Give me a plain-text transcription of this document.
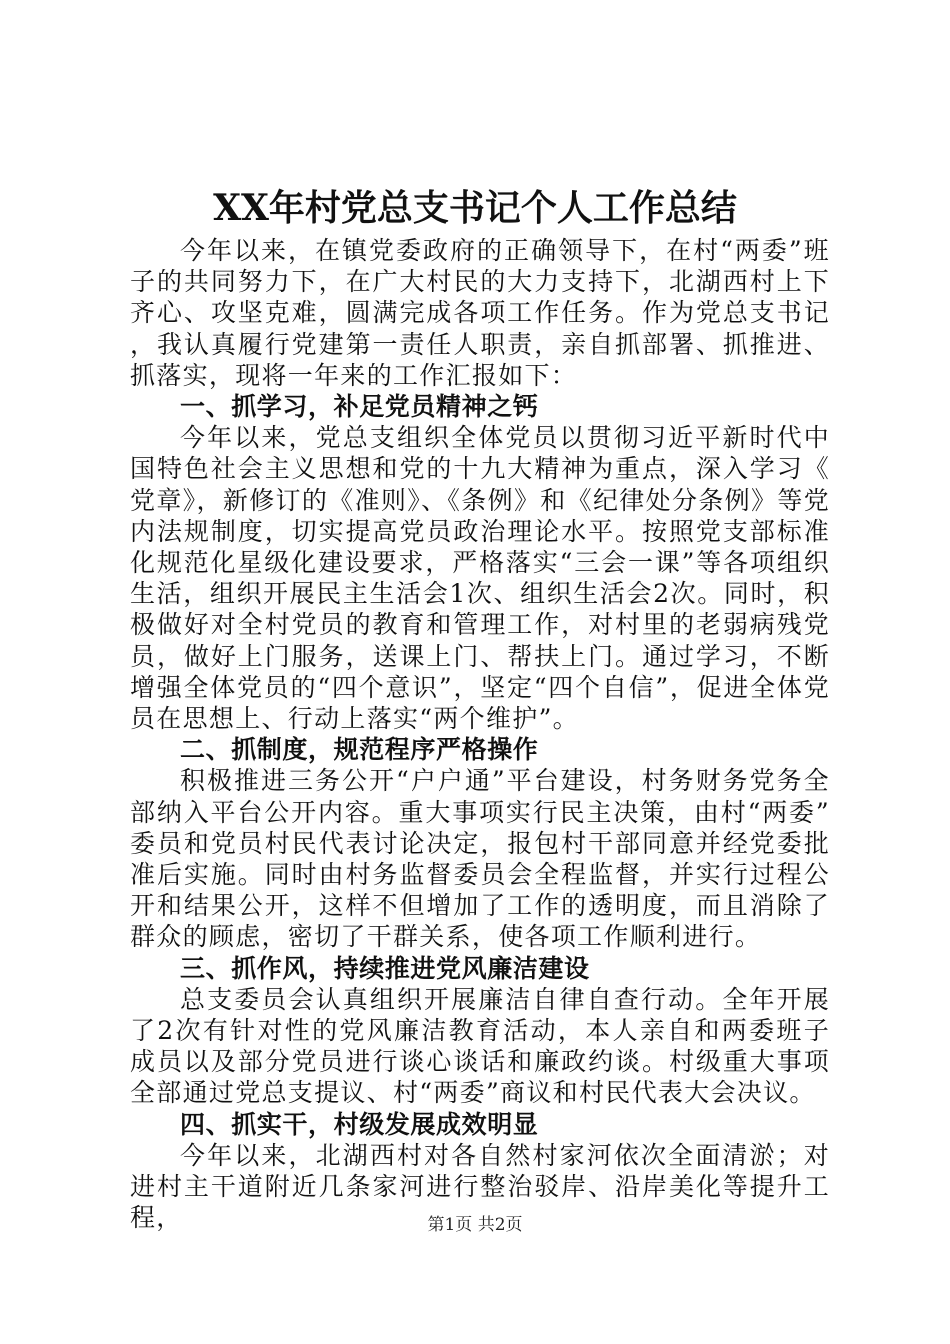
XX年村党总支书记个人工作总结

今年以来，在镇党委政府的正确领导下，在村“两委”班子的共同努力下，在广大村民的大力支持下，北湖西村上下齐心、攻坚克难，圆满完成各项工作任务。作为党总支书记，我认真履行党建第一责任人职责，亲自抓部署、抓推进、抓落实，现将一年来的工作汇报如下：

一、抓学习，补足党员精神之钙

今年以来，党总支组织全体党员以贯彻习近平新时代中国特色社会主义思想和党的十九大精神为重点，深入学习《党章》，新修订的《准则》、《条例》和《纪律处分条例》等党内法规制度，切实提高党员政治理论水平。按照党支部标准化规范化星级化建设要求，严格落实“三会一课”等各项组织生活，组织开展民主生活会1次、组织生活会2次。同时，积极做好对全村党员的教育和管理工作，对村里的老弱病残党员，做好上门服务，送课上门、帮扶上门。通过学习，不断增强全体党员的“四个意识”，坚定“四个自信”，促进全体党员在思想上、行动上落实“两个维护”。

二、抓制度，规范程序严格操作

积极推进三务公开“户户通”平台建设，村务财务党务全部纳入平台公开内容。重大事项实行民主决策，由村“两委”委员和党员村民代表讨论决定，报包村干部同意并经党委批准后实施。同时由村务监督委员会全程监督，并实行过程公开和结果公开，这样不但增加了工作的透明度，而且消除了群众的顾虑，密切了干群关系，使各项工作顺利进行。

三、抓作风，持续推进党风廉洁建设

总支委员会认真组织开展廉洁自律自查行动。全年开展了2次有针对性的党风廉洁教育活动，本人亲自和两委班子成员以及部分党员进行谈心谈话和廉政约谈。村级重大事项全部通过党总支提议、村“两委”商议和村民代表大会决议。

四、抓实干，村级发展成效明显

今年以来，北湖西村对各自然村家河依次全面清淤；对进村主干道附近几条家河进行整治驳岸、沿岸美化等提升工程，	第1页 共2页
